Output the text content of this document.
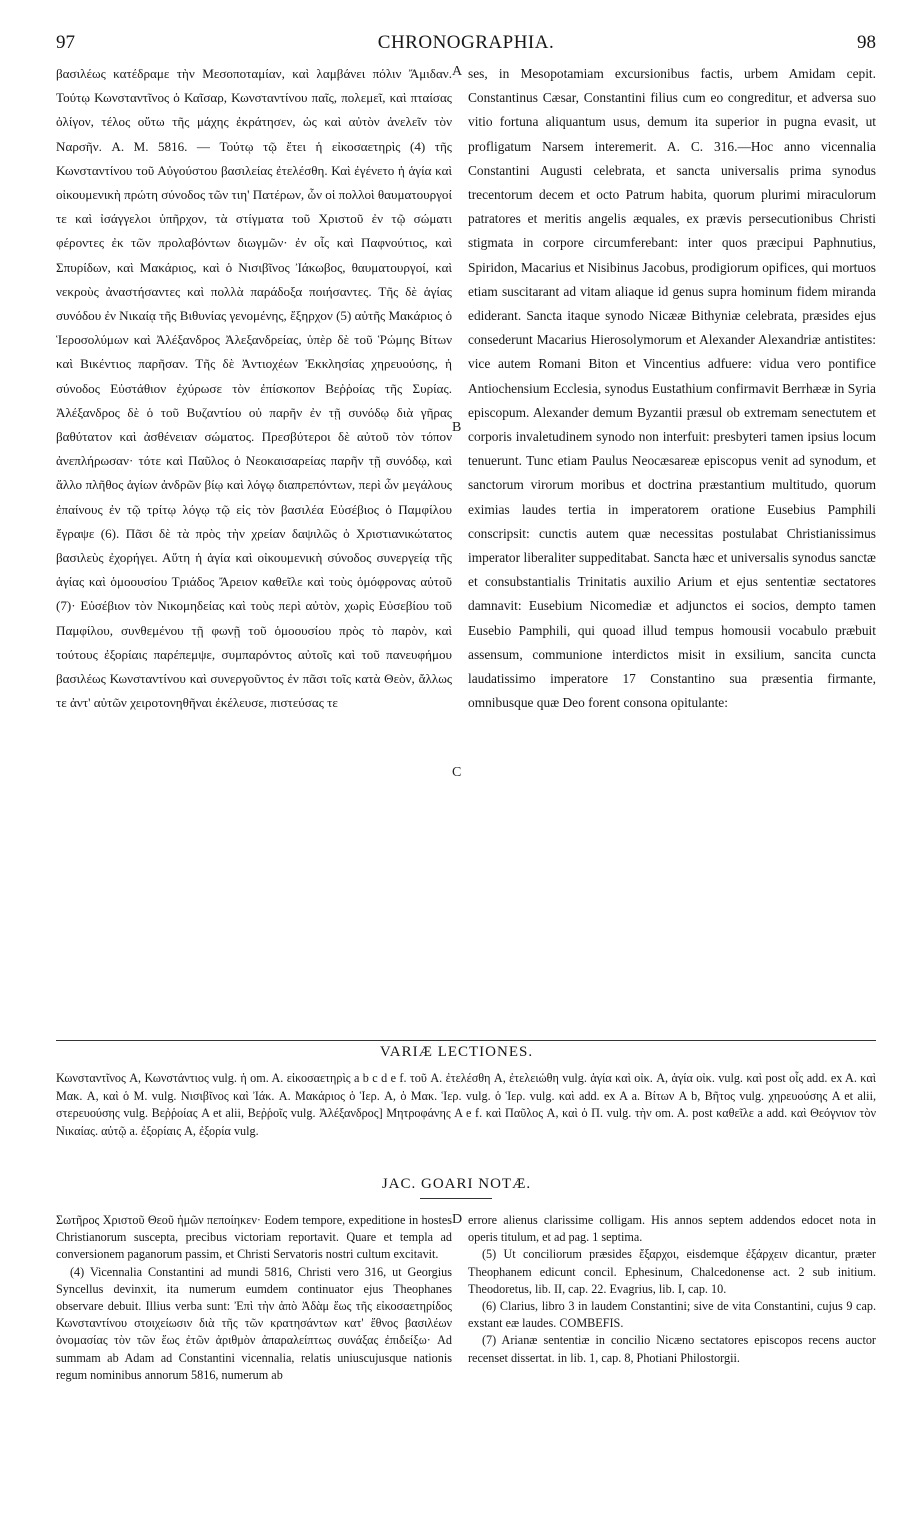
97	CHRONOGRAPHIA.	98

βασιλέως κατέδραμε τὴν Μεσοποταμίαν, καὶ λαμβάνει πόλιν Ἄμιδαν. Τούτῳ Κωνσταντῖνος ὁ Καῖσαρ, Κωνσταντίνου παῖς, πολεμεῖ, καὶ πταίσας ὀλίγον, τέλος οὕτω τῆς μάχης ἐκράτησεν, ὡς καὶ αὐτὸν ἀνελεῖν τὸν Ναρσῆν. A. M. 5816. — Τούτῳ τῷ ἔτει ἡ εἰκοσαετηρὶς (4) τῆς Κωνσταντίνου τοῦ Αὐγούστου βασιλείας ἐτελέσθη. Καὶ ἐγένετο ἡ ἁγία καὶ οἰκουμενικὴ πρώτη σύνοδος τῶν τιη' Πατέρων, ὧν οἱ πολλοὶ θαυματουργοί τε καὶ ἰσάγγελοι ὑπῆρχον, τὰ στίγματα τοῦ Χριστοῦ ἐν τῷ σώματι φέροντες ἐκ τῶν προλαβόντων διωγμῶν· ἐν οἷς καὶ Παφνούτιος, καὶ Σπυρίδων, καὶ Μακάριος, καὶ ὁ Νισιβῖνος Ἰάκωβος, θαυματουργοί, καὶ νεκροὺς ἀναστήσαντες καὶ πολλὰ παράδοξα ποιήσαντες. Τῆς δὲ ἁγίας συνόδου ἐν Νικαίᾳ τῆς Βιθυνίας γενομένης, ἔξηρχον (5) αὐτῆς Μακάριος ὁ Ἱεροσολύμων καὶ Ἀλέξανδρος Ἀλεξανδρείας, ὑπὲρ δὲ τοῦ Ῥώμης Βίτων καὶ Βικέντιος παρῆσαν. Τῆς δὲ Ἀντιοχέων Ἐκκλησίας χηρευούσης, ἡ σύνοδος Εὐστάθιον ἐχύρωσε τὸν ἐπίσκοπον Βεῤῥοίας τῆς Συρίας. Ἀλέξανδρος δὲ ὁ τοῦ Βυζαντίου οὐ παρῆν ἐν τῇ συνόδῳ διὰ γῆρας βαθύτατον καὶ ἀσθένειαν σώματος. Πρεσβύτεροι δὲ αὐτοῦ τὸν τόπον ἀνεπλήρωσαν· τότε καὶ Παῦλος ὁ Νεοκαισαρείας παρῆν τῇ συνόδῳ, καὶ ἄλλο πλῆθος ἁγίων ἀνδρῶν βίῳ καὶ λόγῳ διαπρεπόντων, περὶ ὧν μεγάλους ἐπαίνους ἐν τῷ τρίτῳ λόγῳ τῷ εἰς τὸν βασιλέα Εὐσέβιος ὁ Παμφίλου ἔγραψε (6). Πᾶσι δὲ τὰ πρὸς τὴν χρείαν δαψιλῶς ὁ Χριστιανικώτατος βασιλεὺς ἐχορήγει. Αὕτη ἡ ἁγία καὶ οἰκουμενικὴ σύνοδος συνεργείᾳ τῆς ἁγίας καὶ ὁμοουσίου Τριάδος Ἄρειον καθεῖλε καὶ τοὺς ὁμόφρονας αὐτοῦ (7)· Εὐσέβιον τὸν Νικομηδείας καὶ τοὺς περὶ αὐτὸν, χωρὶς Εὐσεβίου τοῦ Παμφίλου, συνθεμένου τῇ φωνῇ τοῦ ὁμοουσίου πρὸς τὸ παρὸν, καὶ τούτους ἐξορίαις παρέπεμψε, συμπαρόντος αὐτοῖς καὶ τοῦ πανευφήμου βασιλέως Κωνσταντίνου καὶ συνεργοῦντος ἐν πᾶσι τοῖς κατὰ Θεὸν, ἄλλως τε ἀντ' αὐτῶν χειροτονηθῆναι ἐκέλευσε, πιστεύσας τε

A
B
C

ses, in Mesopotamiam excursionibus factis, urbem Amidam cepit. Constantinus Cæsar, Constantini filius cum eo congreditur, et adversa suo vitio fortuna aliquantum usus, demum ita superior in pugna evasit, ut profligatum Narsem interemerit. A. C. 316.—Hoc anno vicennalia Constantini Augusti celebrata, et sancta universalis prima synodus trecentorum decem et octo Patrum habita, quorum plurimi miraculorum patratores et meritis angelis æquales, ex prævis persecutionibus Christi stigmata in corpore circumferebant: inter quos præcipui Paphnutius, Spiridon, Macarius et Nisibinus Jacobus, prodigiorum opifices, qui mortuos etiam suscitarant ad vitam aliaque id genus supra hominum fidem miranda ediderant. Sancta itaque synodo Nicææ Bithyniæ celebrata, præsides ejus consederunt Macarius Hierosolymorum et Alexander Alexandriæ antistites: vice autem Romani Biton et Vincentius adfuere: vidua vero pontifice Antiochensium Ecclesia, synodus Eustathium confirmavit Berrhææ in Syria episcopum. Alexander demum Byzantii præsul ob extremam senectutem et corporis invaletudinem synodo non interfuit: presbyteri tamen ipsius locum tenuerunt. Tunc etiam Paulus Neocæsareæ episcopus venit ad synodum, et sanctorum virorum moribus et doctrina præstantium multitudo, quorum eximias laudes tertia in imperatorem oratione Eusebius Pamphili conscripsit: cunctis autem quæ necessitas postulabat Christianissimus imperator liberaliter suppeditabat. Sancta hæc et universalis synodus sanctæ et consubstantialis Trinitatis auxilio Arium et ejus sententiæ sectatores damnavit: Eusebium Nicomediæ et adjunctos ei socios, dempto tamen Eusebio Pamphili, qui quoad illud tempus homousii vocabulo præbuit assensum, communione interdictos misit in exsilium, sancita cuncta laudatissimo imperatore 17 Constantino sua præsentia firmante, omnibusque quæ Deo forent consona opitulante:

VARIÆ LECTIONES.
Κωνσταντῖνος A, Κωνστάντιος vulg. ἡ om. A. εἰκοσαετηρὶς a b c d e f. τοῦ A. ἐτελέσθη A, ἐτελειώθη vulg. ἁγία καὶ οἰκ. A, ἁγία οἰκ. vulg. καὶ post οἷς add. ex A. καὶ Μακ. A, καὶ ὁ Μ. vulg. Νισιβῖνος καὶ Ἰάκ. A. Μακάριος ὁ Ἱερ. A, ὁ Μακ. Ἱερ. vulg. ὁ Ἱερ. vulg. καὶ add. ex A a. Βίτων A b, Βῆτος vulg. χηρευούσης A et alii, στερευούσης vulg. Βεῤῥοίας A et alii, Βεῤῥοῖς vulg. Ἀλέξανδρος] Μητροφάνης A e f. καὶ Παῦλος A, καὶ ὁ Π. vulg. τὴν om. A. post καθεῖλε a add. καὶ Θεόγνιον τὸν Νικαίας. αὐτῷ a. ἐξορίαις A, ἐξορία vulg.
JAC. GOARI NOTÆ.

Σωτῆρος Χριστοῦ Θεοῦ ἡμῶν πεποίηκεν· Eodem tempore, expeditione in hostes Christianorum suscepta, precibus victoriam reportavit. Quare et templa ad conversionem paganorum passim, et Christi Servatoris nostri cultum excitavit.

(4) Vicennalia Constantini ad mundi 5816, Christi vero 316, ut Georgius Syncellus devinxit, ita numerum eumdem continuator ejus Theophanes observare debuit. Illius verba sunt: Ἐπὶ τὴν ἀπὸ Ἀδὰμ ἕως τῆς εἰκοσαετηρίδος Κωνσταντίνου στοιχείωσιν διὰ τῆς τῶν κρατησάντων κατ' ἔθνος βασιλέων ὀνομασίας τὸν τῶν ἕως ἐτῶν ἀριθμὸν ἀπαραλείπτως συνάξας ἐπιδείξω· Ad summam ab Adam ad Constantini vicennalia, relatis uniuscujusque nationis regum nominibus annorum 5816, numerum ab

D errore alienus clarissime colligam. His annos septem addendos edocet nota in operis titulum, et ad pag. 1 septima.

(5) Ut conciliorum præsides ἔξαρχοι, eisdemque ἐξάρχειν dicantur, præter Theophanem edicunt concil. Ephesinum, Chalcedonense act. 2 sub initium. Theodoretus, lib. II, cap. 22. Evagrius, lib. I, cap. 10.

(6) Clarius, libro 3 in laudem Constantini; sive de vita Constantini, cujus 9 cap. exstant eæ laudes. COMBEFIS.

(7) Arianæ sententiæ in concilio Nicæno sectatores episcopos recens auctor recenset dissertat. in lib. 1, cap. 8, Photiani Philostorgii.
